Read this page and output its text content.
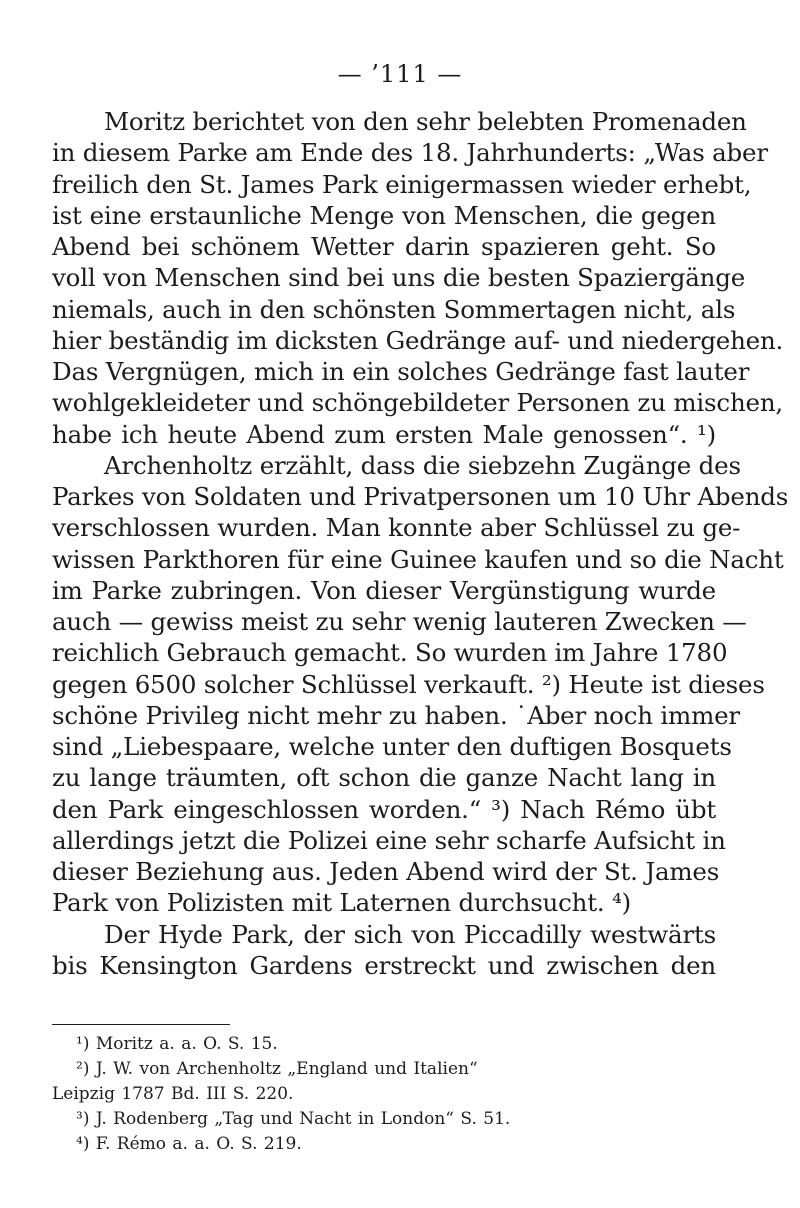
— ’111 —
Moritz berichtet von den sehr belebten Promenaden
in diesem Parke am Ende des 18. Jahrhunderts: „Was aber
freilich den St. James Park einigermassen wieder erhebt,
ist eine erstaunliche Menge von Menschen, die gegen
Abend bei schönem Wetter darin spazieren geht. So
voll von Menschen sind bei uns die besten Spaziergänge
niemals, auch in den schönsten Sommertagen nicht, als
hier beständig im dicksten Gedränge auf- und niedergehen.
Das Vergnügen, mich in ein solches Gedränge fast lauter
wohlgekleideter und schöngebildeter Personen zu mischen,
habe ich heute Abend zum ersten Male genossen“. ¹)
Archenholtz erzählt, dass die siebzehn Zugänge des
Parkes von Soldaten und Privatpersonen um 10 Uhr Abends
verschlossen wurden. Man konnte aber Schlüssel zu ge-
wissen Parkthoren für eine Guinee kaufen und so die Nacht
im Parke zubringen. Von dieser Vergünstigung wurde
auch — gewiss meist zu sehr wenig lauteren Zwecken —
reichlich Gebrauch gemacht. So wurden im Jahre 1780
gegen 6500 solcher Schlüssel verkauft. ²) Heute ist dieses
schöne Privileg nicht mehr zu haben. ˙Aber noch immer
sind „Liebespaare, welche unter den duftigen Bosquets
zu lange träumten, oft schon die ganze Nacht lang in
den Park eingeschlossen worden.“ ³) Nach Rémo übt
allerdings jetzt die Polizei eine sehr scharfe Aufsicht in
dieser Beziehung aus. Jeden Abend wird der St. James
Park von Polizisten mit Laternen durchsucht. ⁴)
Der Hyde Park, der sich von Piccadilly westwärts
bis Kensington Gardens erstreckt und zwischen den
¹) Moritz a. a. O. S. 15.
²) J. W. von Archenholtz „England und Italien“
Leipzig 1787 Bd. III S. 220.
³) J. Rodenberg „Tag und Nacht in London“ S. 51.
⁴) F. Rémo a. a. O. S. 219.
